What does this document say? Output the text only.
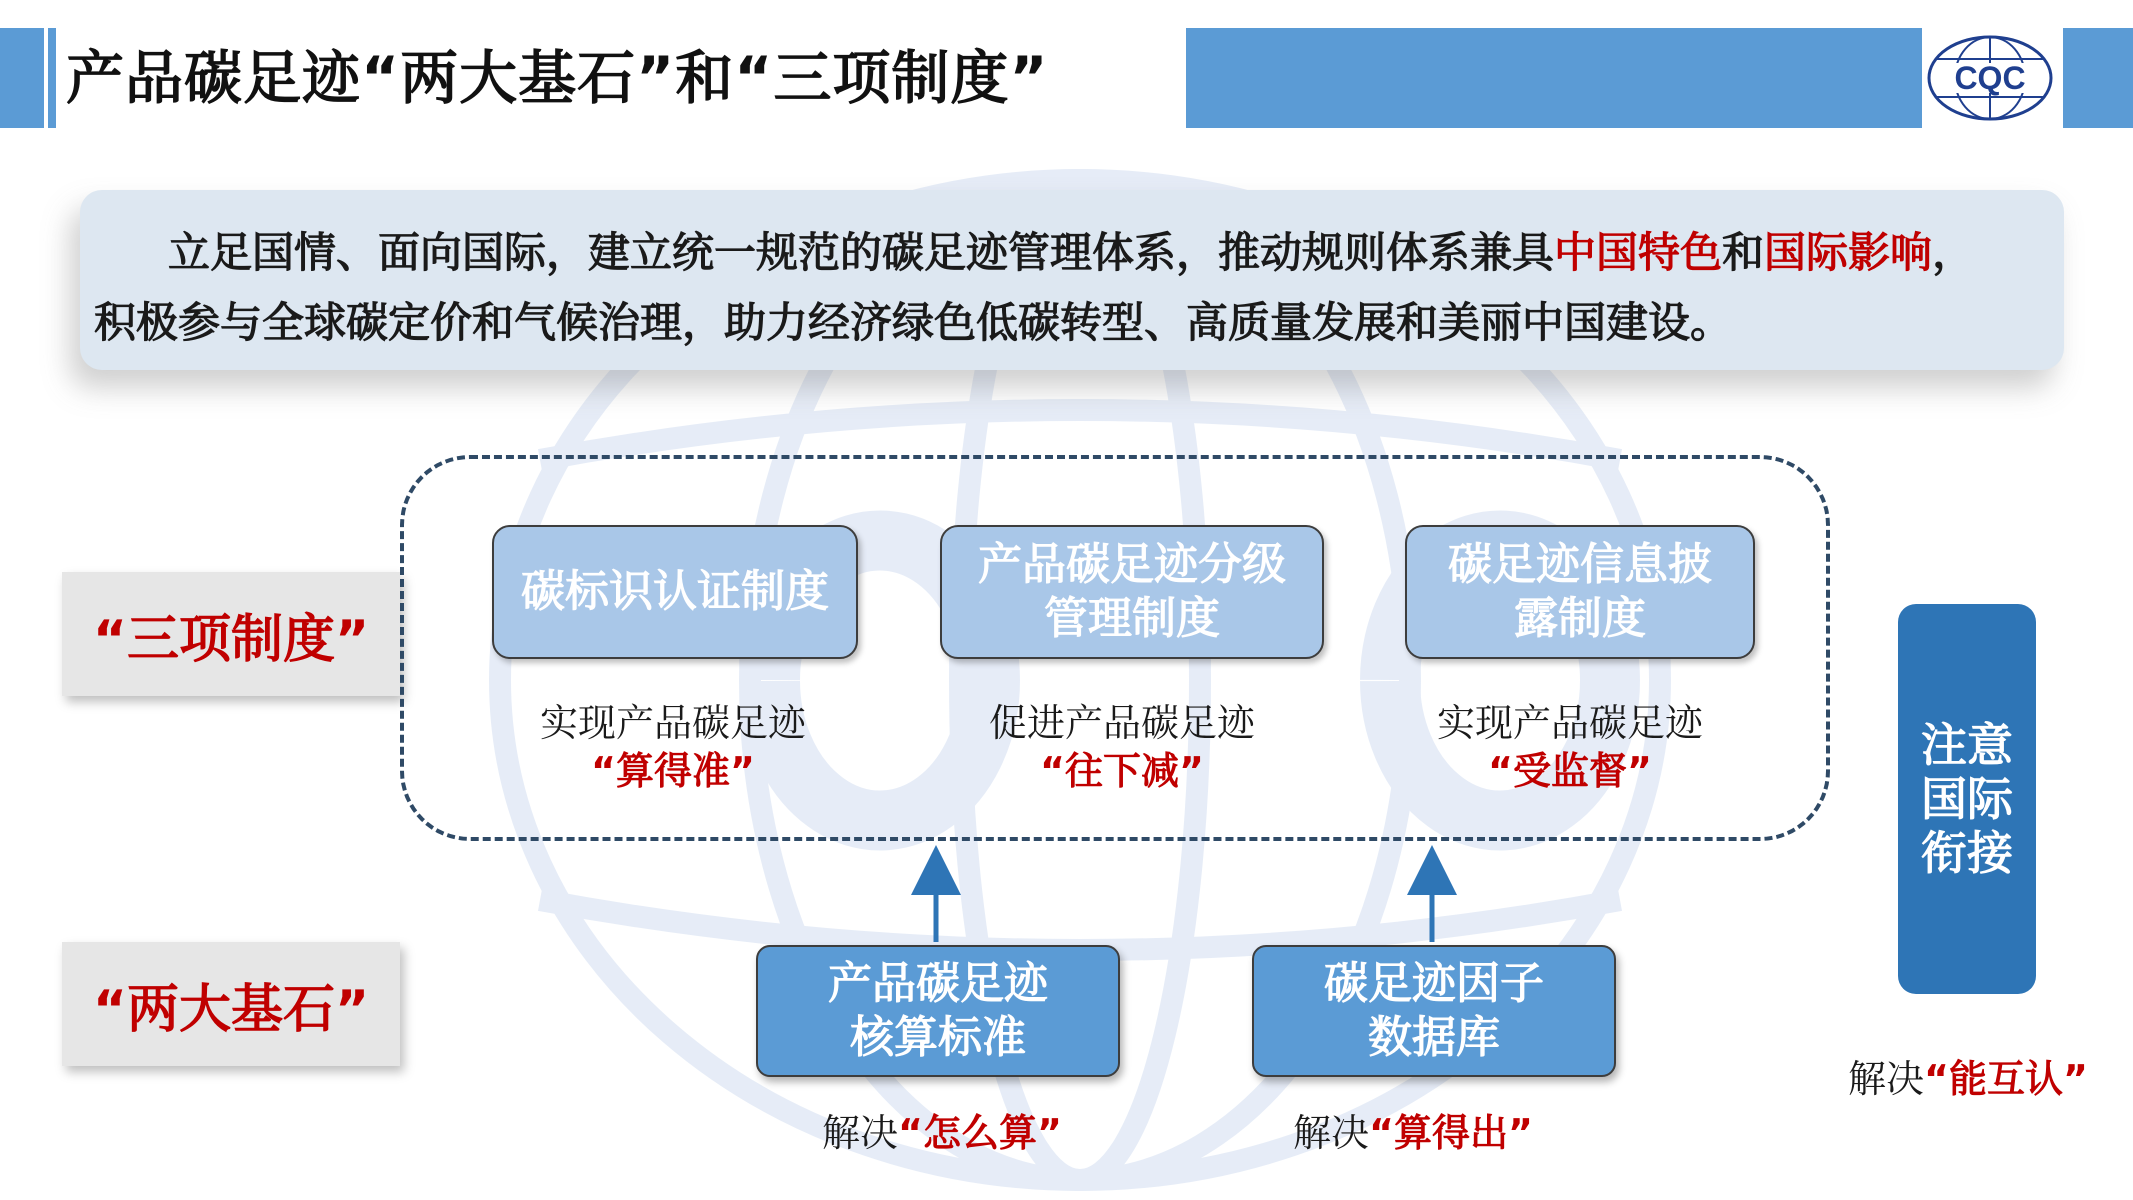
产品碳足迹“两大基石”和“三项制度”	CQC
立足国情、面向国际，建立统一规范的碳足迹管理体系，推动规则体系兼具中国特色和国际影响，
积极参与全球碳定价和气候治理，助力经济绿色低碳转型、高质量发展和美丽中国建设。
“三项制度”
“两大基石”
碳标识认证制度
产品碳足迹分级
管理制度
碳足迹信息披
露制度
实现产品碳足迹
“算得准”
促进产品碳足迹
“往下减”
实现产品碳足迹
“受监督”
产品碳足迹
核算标准
碳足迹因子
数据库
解决“怎么算”	解决“算得出”
注意国际衔接
解决“能互认”
